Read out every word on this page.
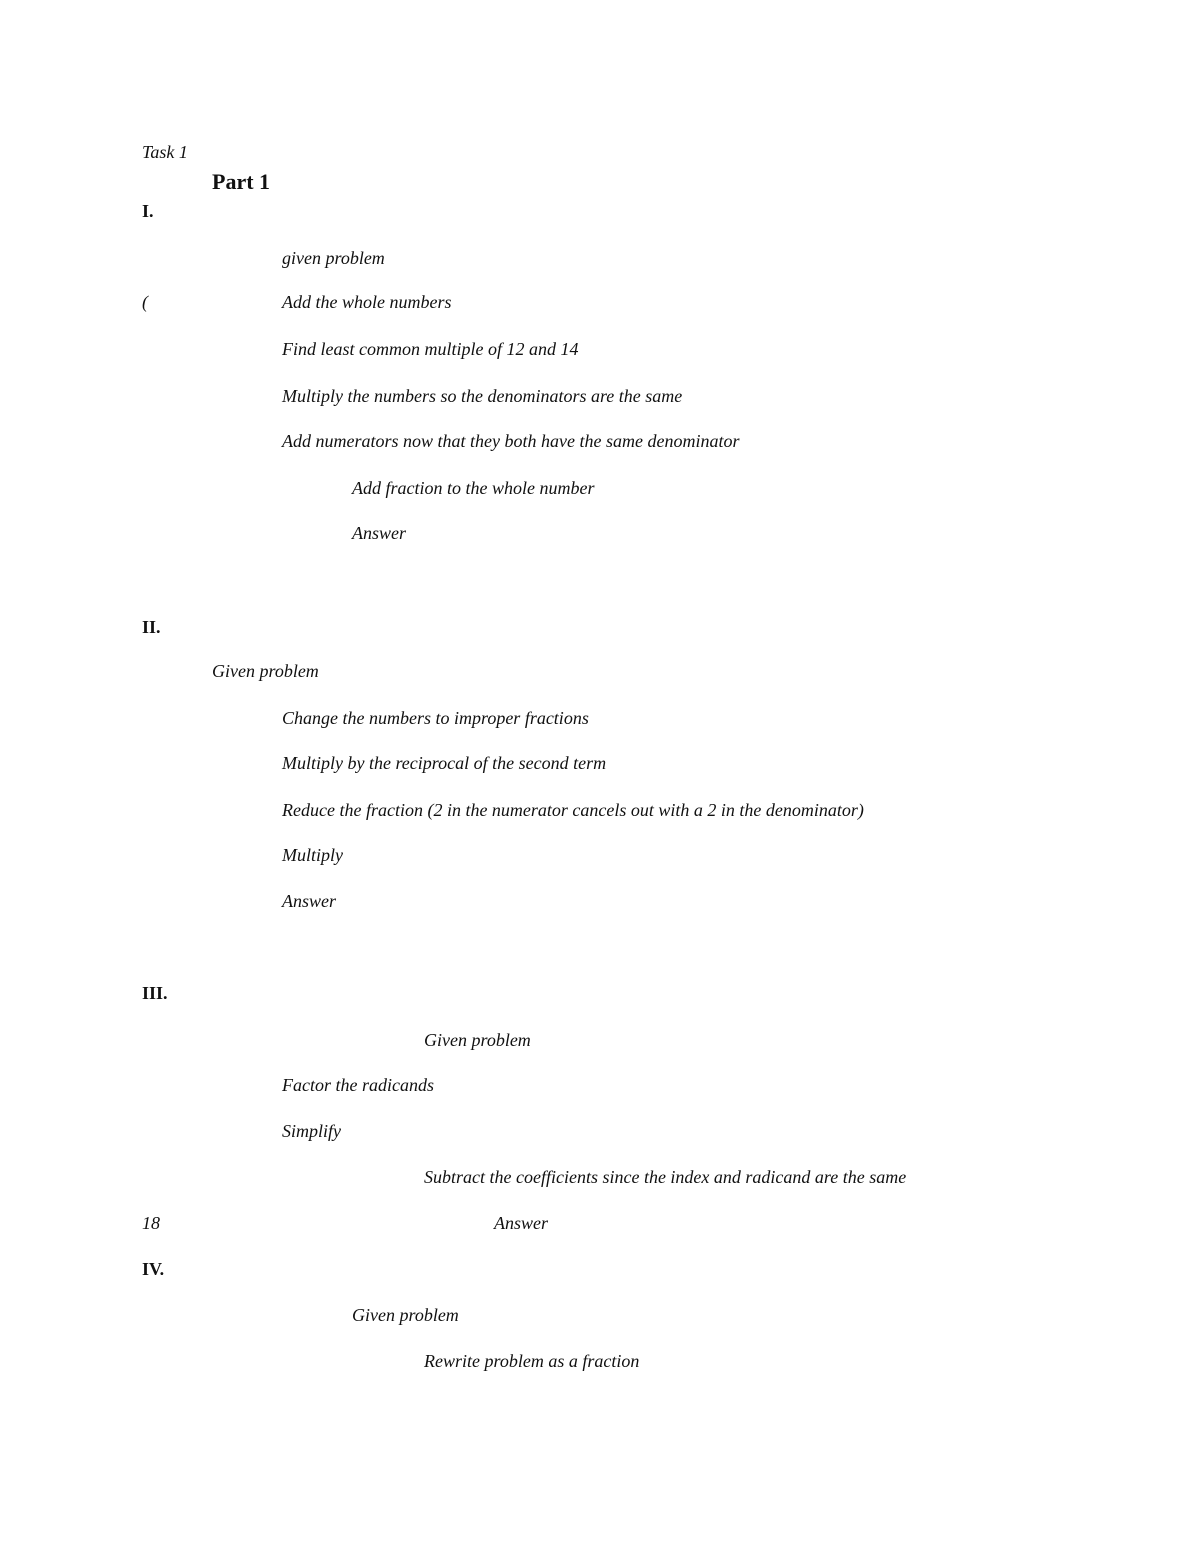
Task 1
Part 1
I.
given problem
(	Add the whole numbers
Find least common multiple of 12 and 14
Multiply the numbers so the denominators are the same
Add numerators now that they both have the same denominator
Add fraction to the whole number
Answer
II.
Given problem
Change the numbers to improper fractions
Multiply by the reciprocal of the second term
Reduce the fraction (2 in the numerator cancels out with a 2 in the denominator)
Multiply
Answer
III.
Given problem
Factor the radicands
Simplify
Subtract the coefficients since the index and radicand are the same
18	Answer
IV.
Given problem
Rewrite problem as a fraction
